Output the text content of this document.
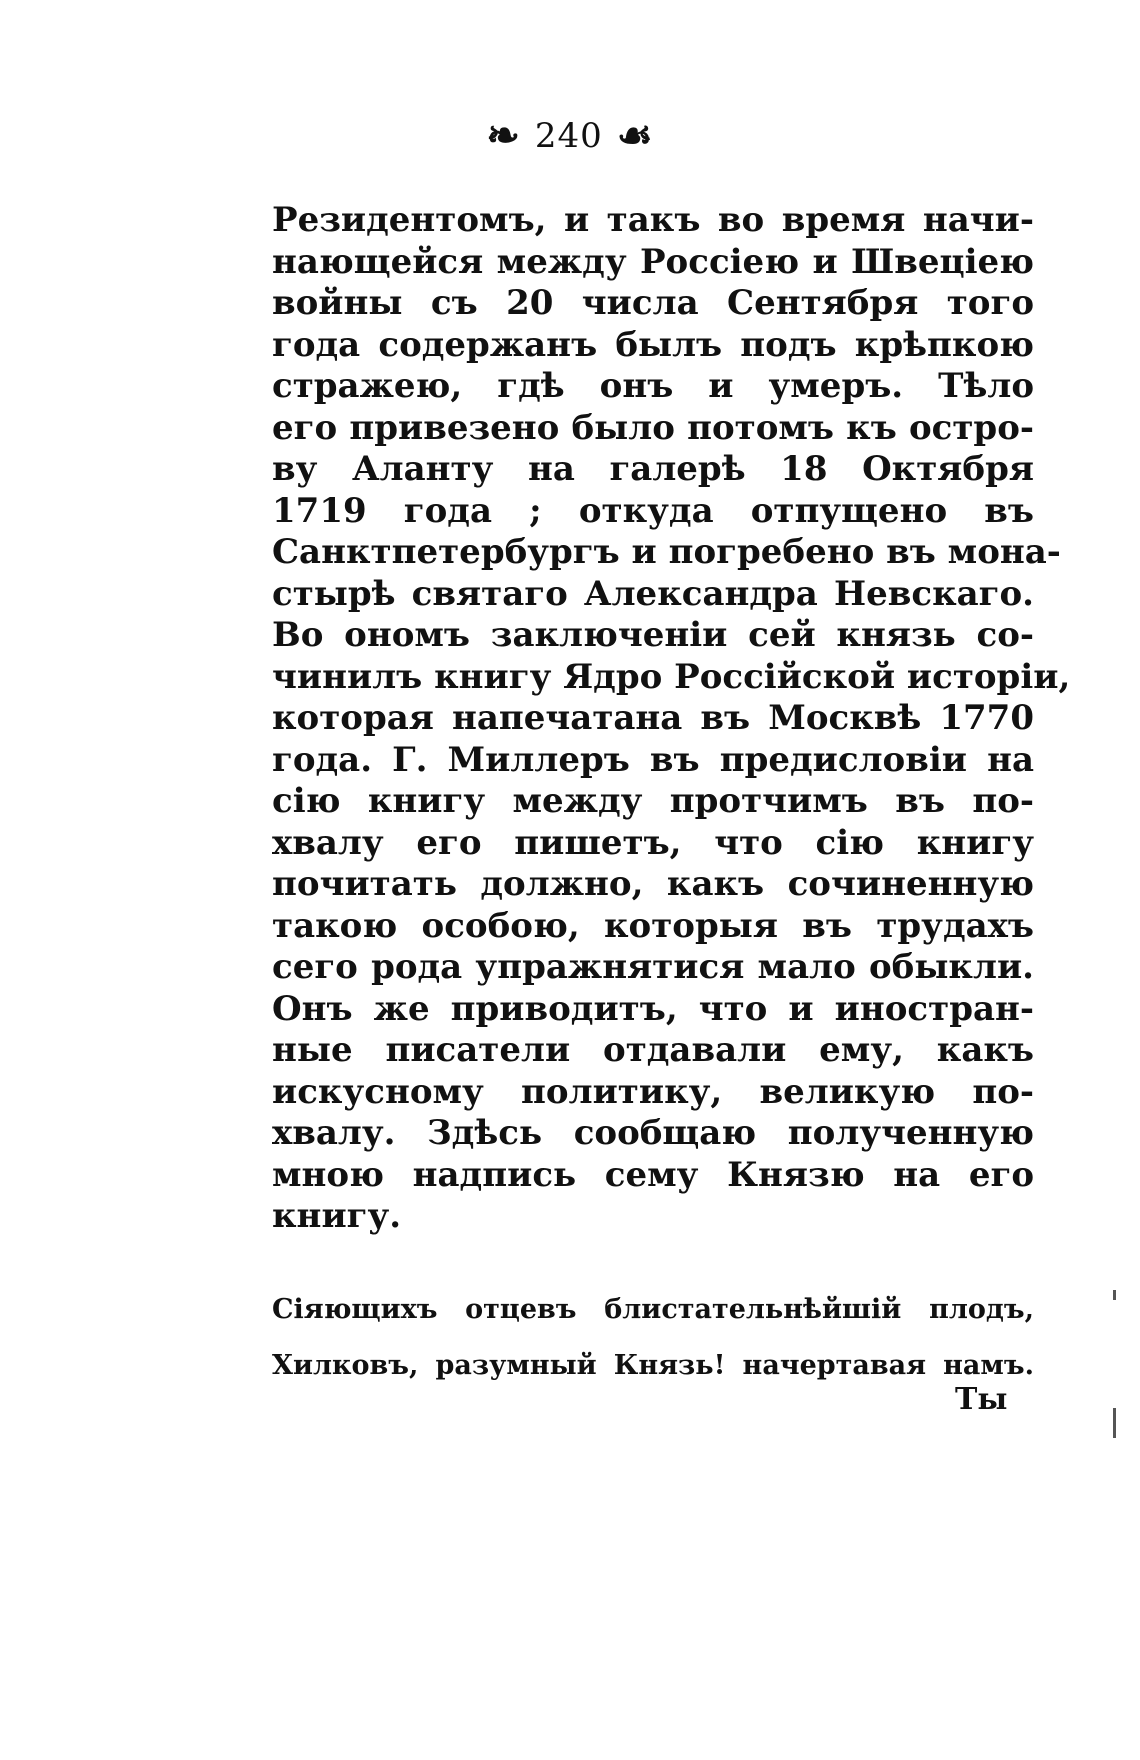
❧ 240 ☙
Резидентомъ, и такъ во время начи-
нающейся между Россiею и Швецiею
войны съ 20 числа Сентября того
года содержанъ былъ подъ крѣпкою
стражею, гдѣ онъ и умеръ. Тѣло
его привезено было потомъ къ остро-
ву Аланту на галерѣ 18 Октября
1719 года ; откуда отпущено въ
Санктпетербургъ и погребено въ мона-
стырѣ святаго Александра Невскаго.
Во ономъ заключенiи сей князь со-
чинилъ книгу Ядро Россiйской исторiи,
которая напечатана въ Москвѣ 1770
года. Г. Миллеръ въ предисловiи на
сiю книгу между протчимъ въ по-
хвалу его пишетъ, что сiю книгу
почитать должно, какъ сочиненную
такою особою, которыя въ трудахъ
сего рода упражнятися мало обыкли.
Онъ же приводитъ, что и иностран-
ные писатели отдавали ему, какъ
искусному политику, великую по-
хвалу. Здѣсь сообщаю полученную
мною надпись сему Князю на его
книгу.
Сiяющихъ отцевъ блистательнѣйшiй плодъ,
Хилковъ, разумный Князь! начертавая намъ.
Ты
